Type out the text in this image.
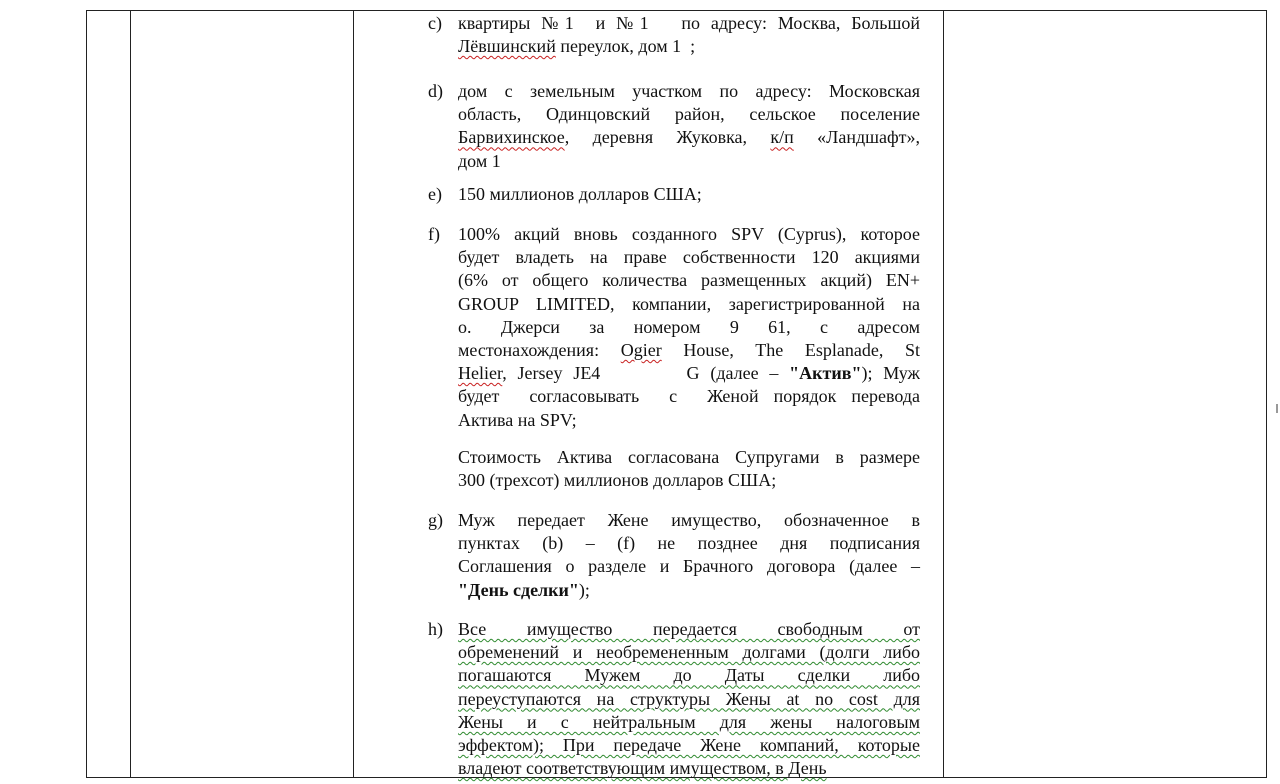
c) квартиры №1  и №1   по адресу: Москва, Большой
Лёвшинский переулок, дом 1  ;
d) дом с земельным участком по адресу: Московская
область, Одинцовский район, сельское поселение
Барвихинское, деревня Жуковка, к/п «Ландшафт»,
дом 1
e) 150 миллионов долларов США;
f) 100% акций вновь созданного SPV (Cyprus), которое
будет владеть на праве собственности 120 акциями
(6% от общего количества размещенных акций) EN+
GROUP LIMITED, компании, зарегистрированной на
о.  Джерси  за  номером  9  61,  с  адресом
местонахождения: Ogier House, The Esplanade, St
Helier, Jersey JE4        G (далее – "Актив"); Муж
будет  согласовывать  с  Женой порядок перевода
Актива на SPV;
Стоимость Актива согласована Супругами в размере
300 (трехсот) миллионов долларов США;
g) Муж передает Жене имущество, обозначенное в
пунктах (b) – (f) не позднее дня подписания
Соглашения о разделе и Брачного договора (далее –
"День сделки");
h) Все      имущество      передается      свободным      от
обременений и необремененным долгами (долги либо
погашаются Мужем до Даты сделки либо
переуступаются на структуры Жены at no cost для
Жены и с нейтральным для жены налоговым
эффектом); При передаче Жене компаний, которые
владеют соответствующим имуществом, в День
